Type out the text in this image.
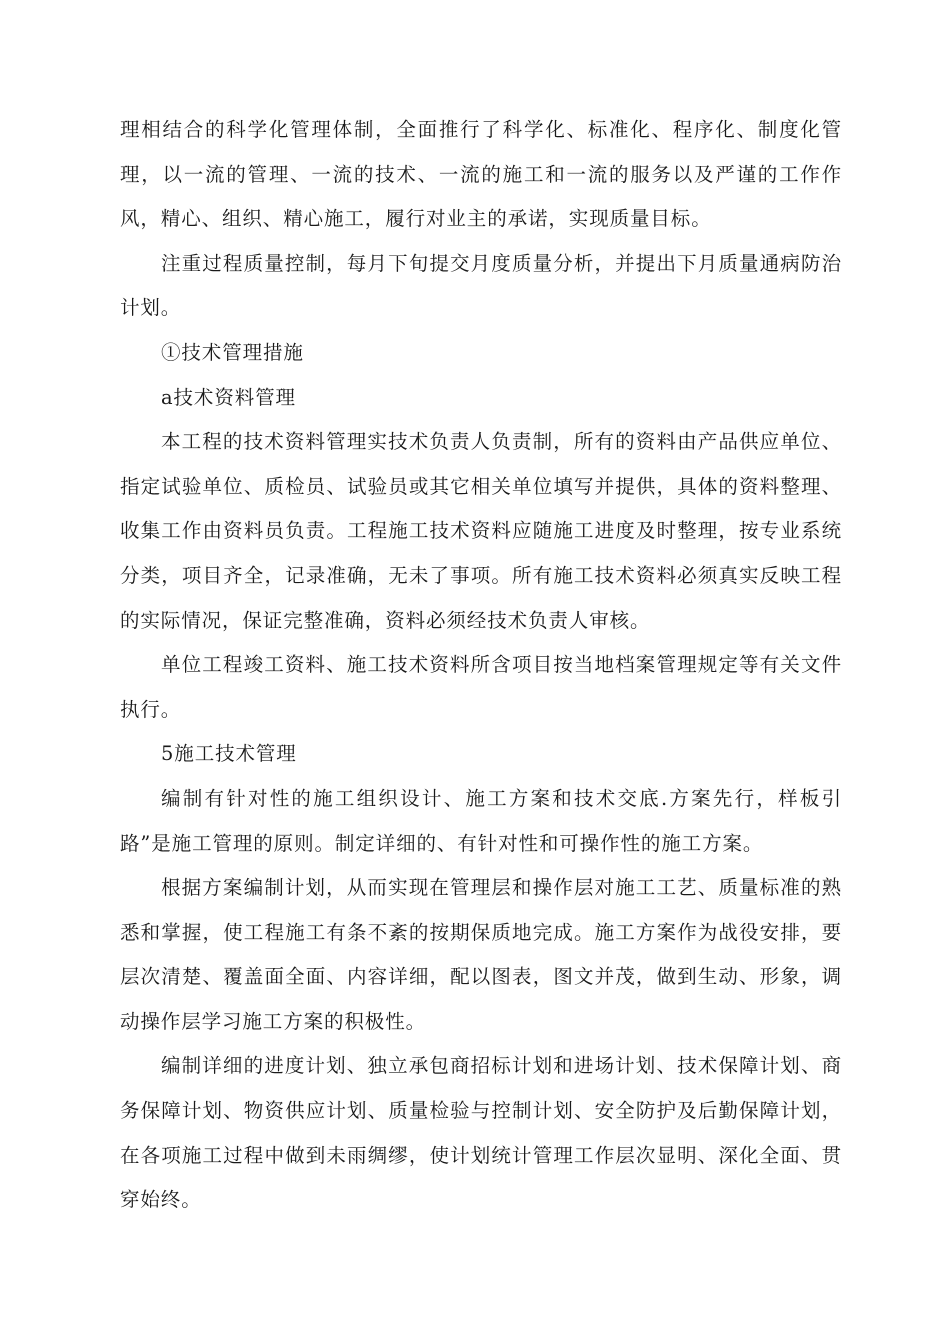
理相结合的科学化管理体制，全面推行了科学化、标准化、程序化、制度化管理，以一流的管理、一流的技术、一流的施工和一流的服务以及严谨的工作作风，精心、组织、精心施工，履行对业主的承诺，实现质量目标。

注重过程质量控制，每月下旬提交月度质量分析，并提出下月质量通病防治计划。

①技术管理措施

a技术资料管理

本工程的技术资料管理实技术负责人负责制，所有的资料由产品供应单位、指定试验单位、质检员、试验员或其它相关单位填写并提供，具体的资料整理、收集工作由资料员负责。工程施工技术资料应随施工进度及时整理，按专业系统分类，项目齐全，记录准确，无未了事项。所有施工技术资料必须真实反映工程的实际情况，保证完整准确，资料必须经技术负责人审核。

单位工程竣工资料、施工技术资料所含项目按当地档案管理规定等有关文件执行。

5施工技术管理

编制有针对性的施工组织设计、施工方案和技术交底.方案先行，样板引路”是施工管理的原则。制定详细的、有针对性和可操作性的施工方案。

根据方案编制计划，从而实现在管理层和操作层对施工工艺、质量标准的熟悉和掌握，使工程施工有条不紊的按期保质地完成。施工方案作为战役安排，要层次清楚、覆盖面全面、内容详细，配以图表，图文并茂，做到生动、形象，调动操作层学习施工方案的积极性。

编制详细的进度计划、独立承包商招标计划和进场计划、技术保障计划、商务保障计划、物资供应计划、质量检验与控制计划、安全防护及后勤保障计划，在各项施工过程中做到未雨绸缪，使计划统计管理工作层次显明、深化全面、贯穿始终。
